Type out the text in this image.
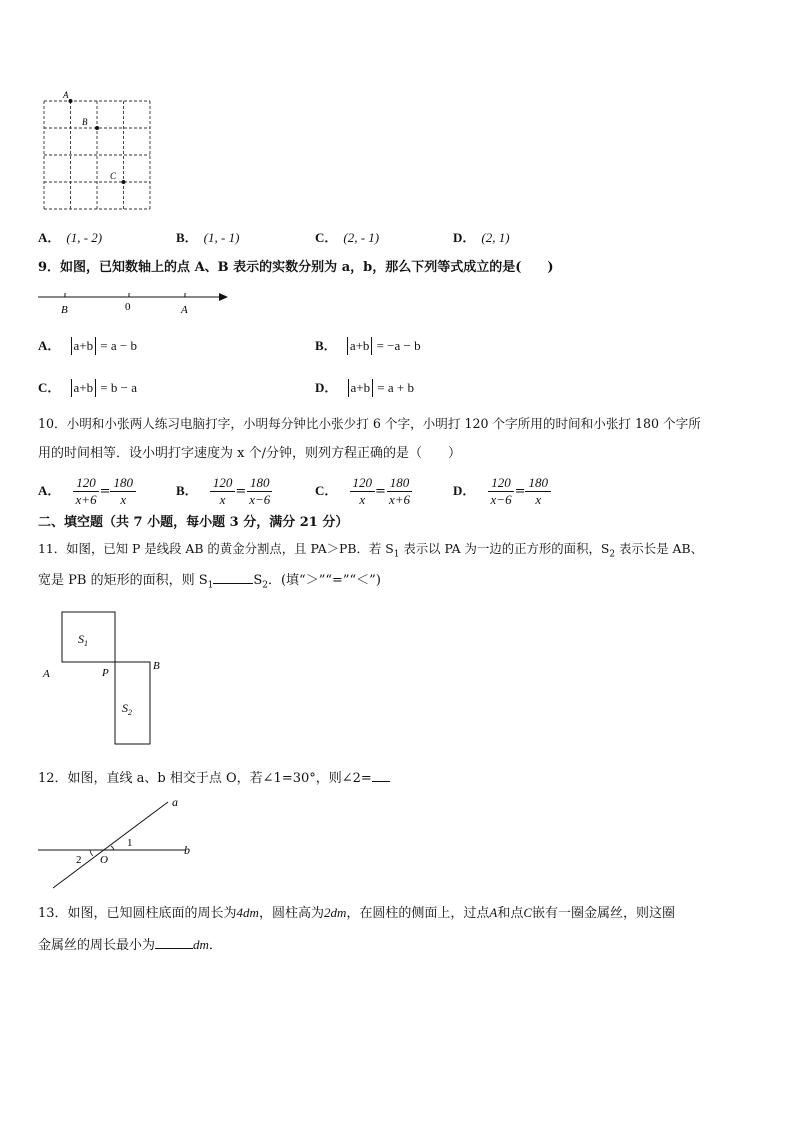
A
B
C
A． (1, - 2)	B． (1, - 1)	C． (2, - 1)	D． (2, 1)
9．如图，已知数轴上的点 A、B 表示的实数分别为 a，b，那么下列等式成立的是(　　)
B	0	A
A． a+b = a − b	B． a+b = −a − b
C． a+b = b − a	D． a+b = a + b
10．小明和小张两人练习电脑打字，小明每分钟比小张少打 6 个字，小明打 120 个字所用的时间和小张打 180 个字所
用的时间相等．设小明打字速度为 x 个/分钟，则列方程正确的是（　　）
A． $\frac{120}{x+6} = \frac{180}{x}$	B． $\frac{120}{x} = \frac{180}{x-6}$	C． $\frac{120}{x} = \frac{180}{x+6}$	D． $\frac{120}{x-6} = \frac{180}{x}$
二、填空题（共 7 小题，每小题 3 分，满分 21 分）
11．如图，已知 P 是线段 AB 的黄金分割点，且 PA＞PB．若 $S_1$ 表示以 PA 为一边的正方形的面积，$S_2$ 表示长是 AB、
宽是 PB 的矩形的面积，则 $S_1$	$S_2$．(填“＞”“=”“＜”)
$S_1$
$S_2$
A	P
B
12．如图，直线 a、b 相交于点 O，若∠1=30°，则∠2=
a
b
O
1
2
13．如图，已知圆柱底面的周长为4dm，圆柱高为2dm，在圆柱的侧面上，过点A和点C嵌有一圈金属丝，则这圈
金属丝的周长最小为	dm．
